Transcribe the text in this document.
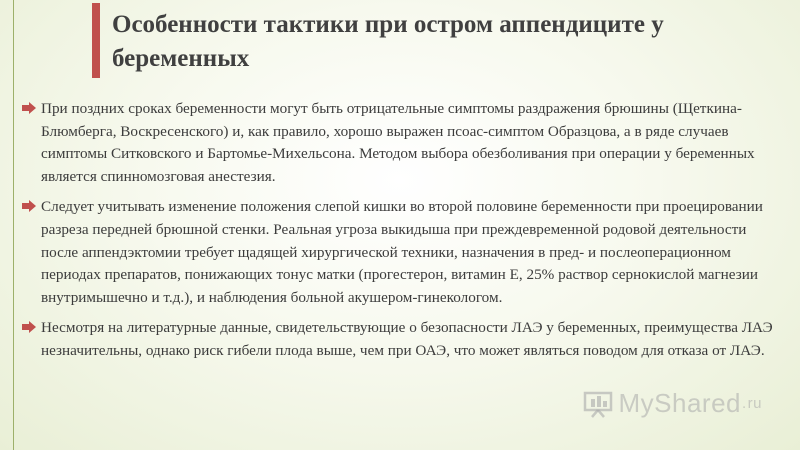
Особенности тактики при остром аппендиците у беременных
При поздних сроках беременности могут быть отрицательные симптомы раздражения брюшины (Щеткина-Блюмберга, Воскресенского) и, как правило, хорошо выражен псоас-симптом Образцова, а в ряде случаев симптомы Ситковского и Бартомье-Михельсона. Методом выбора обезболивания при операции у беременных является спинномозговая анестезия.
Следует учитывать изменение положения слепой кишки во второй половине беременности при проецировании разреза передней брюшной стенки. Реальная угроза выкидыша при преждевременной родовой деятельности после аппендэктомии требует щадящей хирургической техники, назначения в пред- и послеоперационном периодах препаратов, понижающих тонус матки (прогестерон, витамин Е, 25% раствор сернокислой магнезии внутримышечно и т.д.), и наблюдения больной акушером-гинекологом.
Несмотря на литературные данные, свидетельствующие о безопасности ЛАЭ у беременных, преимущества ЛАЭ незначительны, однако риск гибели плода выше, чем при ОАЭ, что может являться поводом для отказа от ЛАЭ.
MyShared . ru
